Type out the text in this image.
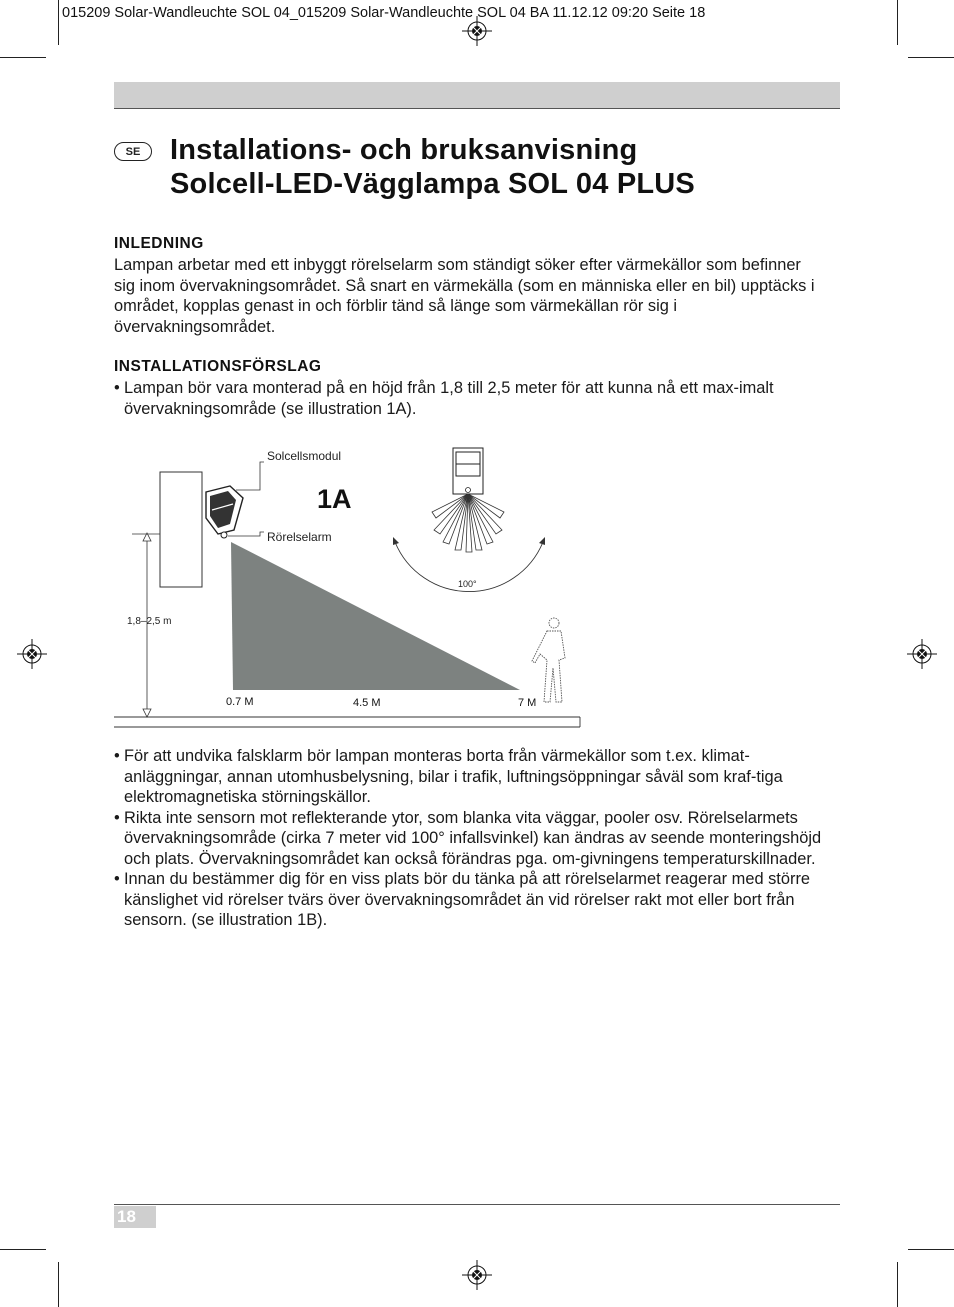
015209 Solar-Wandleuchte SOL 04_015209 Solar-Wandleuchte SOL 04 BA 11.12.12 09:20 Seite 18
SE	Installations- och bruksanvisning
Solcell-LED-Vägglampa SOL 04 PLUS
INLEDNING
Lampan arbetar med ett inbyggt rörelselarm som ständigt söker efter värmekällor som befinner sig inom övervakningsområdet. Så snart en värmekälla (som en människa eller en bil) upptäcks i området, kopplas genast in och förblir tänd så länge som värmekällan rör sig i övervakningsområdet.
INSTALLATIONSFÖRSLAG
• Lampan bör vara monterad på en höjd från 1,8 till 2,5 meter för att kunna nå ett max-imalt övervakningsområde (se illustration 1A).
Solcellsmodul
Rörelselarm
1A
1,8–2,5 m
0.7 M	4.5 M	7 M
100°
• För att undvika falsklarm bör lampan monteras borta från värmekällor som t.ex. klimat-anläggningar, annan utomhusbelysning, bilar i trafik, luftningsöppningar såväl som kraf-tiga elektromagnetiska störningskällor.
• Rikta inte sensorn mot reflekterande ytor, som blanka vita väggar, pooler osv. Rörelselarmets övervakningsområde (cirka 7 meter vid 100° infallsvinkel) kan ändras av seende monteringshöjd och plats. Övervakningsområdet kan också förändras pga. om-givningens temperaturskillnader.
• Innan du bestämmer dig för en viss plats bör du tänka på att rörelselarmet reagerar med större känslighet vid rörelser tvärs över övervakningsområdet än vid rörelser rakt mot eller bort från sensorn. (se illustration 1B).
18
